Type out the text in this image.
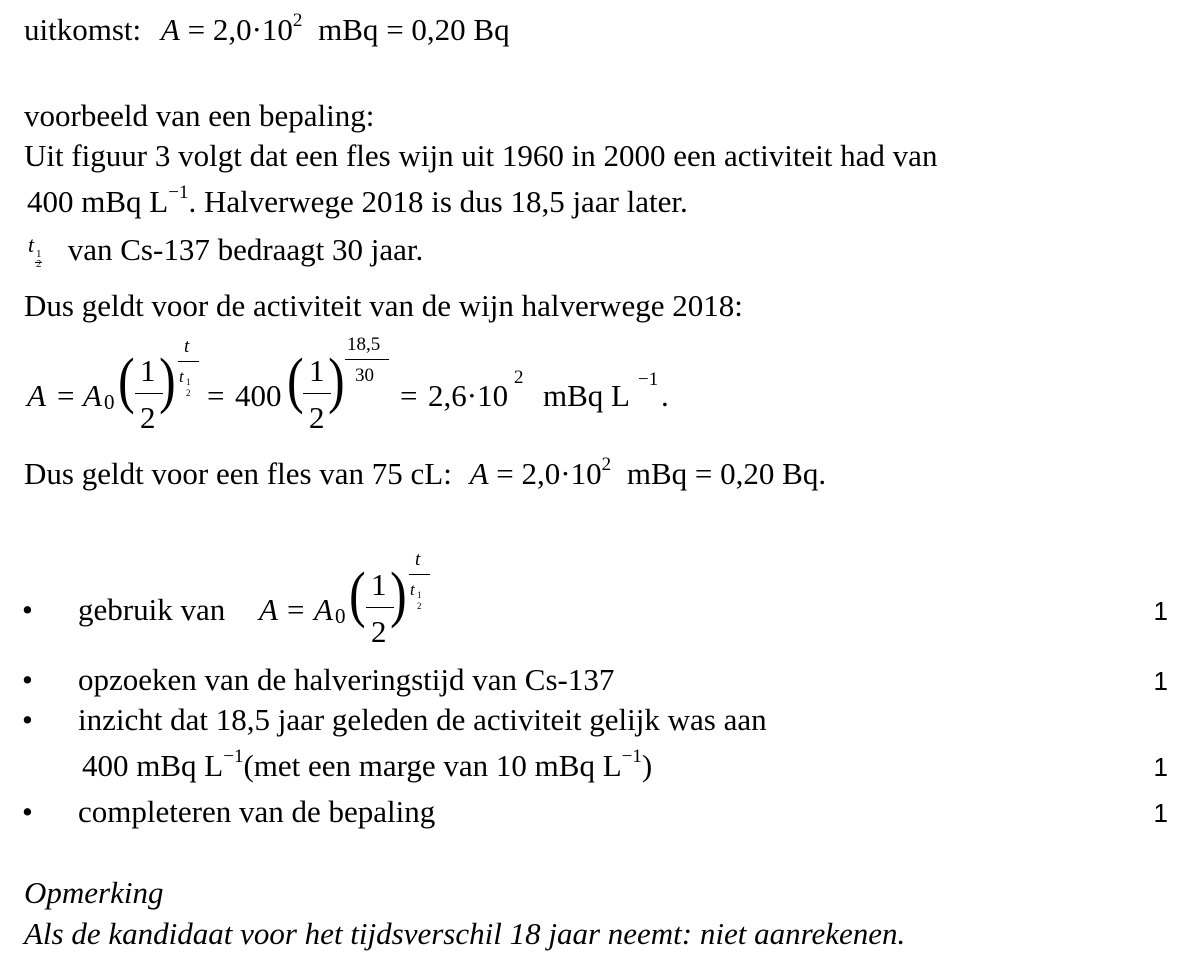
uitkomst: $A = 2,0\cdot 10^2$ mBq = 0,20 Bq
voorbeeld van een bepaling:
Uit figuur 3 volgt dat een fles wijn uit 1960 in 2000 een activiteit had van
400 mBq $L^{-1}$. Halverwege 2018 is dus 18,5 jaar later.
t 1
2 van Cs-137 bedraagt 30 jaar.
Dus geldt voor de activiteit van de wijn halverwege 2018:
A = A 0 ( 1
2
)
t
t 1
2 = 400 ( 1
2
)
18,5
30
= 2,6·10
2
mBq L −1 .
Dus geldt voor een fles van 75 cL: $A = 2,0\cdot 10^2$ mBq = 0,20 Bq.
• gebruik van A = A 0 ( 1
2
)
t
t 1
2	1
• opzoeken van de halveringstijd van Cs-137	1
• inzicht dat 18,5 jaar geleden de activiteit gelijk was aan
400 mBq $L^{-1}(met$ een marge van 10 mBq $L^{-1}$)	1
• completeren van de bepaling	1
Opmerking
Als de kandidaat voor het tijdsverschil 18 jaar neemt: niet aanrekenen.
